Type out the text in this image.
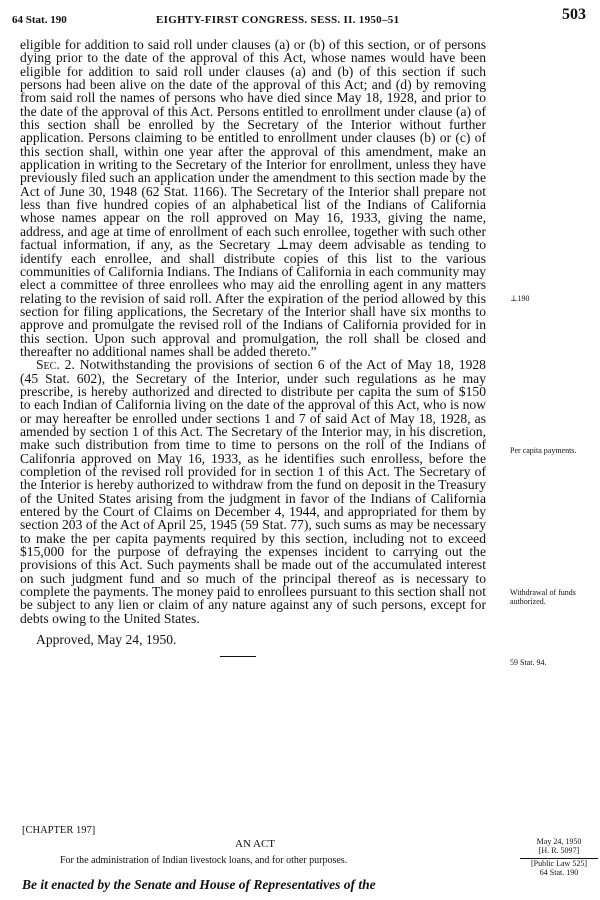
64 Stat. 190	EIGHTY-FIRST CONGRESS. SESS. II. 1950–51	503

eligible for addition to said roll under clauses (a) or (b) of this section, or of persons dying prior to the date of the approval of this Act, whose names would have been eligible for addition to said roll under clauses (a) and (b) of this section if such persons had been alive on the date of the approval of this Act; and (d) by removing from said roll the names of persons who have died since May 18, 1928, and prior to the date of the approval of this Act. Persons entitled to enrollment under clause (a) of this section shall be enrolled by the Secretary of the Interior without further application. Persons claiming to be entitled to enrollment under clauses (b) or (c) of this section shall, within one year after the approval of this amendment, make an application in writing to the Secretary of the Interior for enrollment, unless they have previously filed such an application under the amendment to this section made by the Act of June 30, 1948 (62 Stat. 1166). The Secretary of the Interior shall prepare not less than five hundred copies of an alphabetical list of the Indians of California whose names appear on the roll approved on May 16, 1933, giving the name, address, and age at time of enrollment of each such enrollee, together with such other factual information, if any, as the Secretary ⊥may deem advisable as tending to identify each enrollee, and shall distribute copies of this list to the various communities of California Indians. The Indians of California in each community may elect a committee of three enrollees who may aid the enrolling agent in any matters relating to the revision of said roll. After the expiration of the period allowed by this section for filing applications, the Secretary of the Interior shall have six months to approve and promulgate the revised roll of the Indians of California provided for in this section. Upon such approval and promulgation, the roll shall be closed and thereafter no additional names shall be added thereto.”

Sec. 2. Notwithstanding the provisions of section 6 of the Act of May 18, 1928 (45 Stat. 602), the Secretary of the Interior, under such regulations as he may prescribe, is hereby authorized and directed to distribute per capita the sum of $150 to each Indian of California living on the date of the approval of this Act, who is now or may hereafter be enrolled under sections 1 and 7 of said Act of May 18, 1928, as amended by section 1 of this Act. The Secretary of the Interior may, in his discretion, make such distribution from time to time to persons on the roll of the Indians of Califonria approved on May 16, 1933, as he identifies such enrolless, before the completion of the revised roll provided for in section 1 of this Act. The Secretary of the Interior is hereby authorized to withdraw from the fund on deposit in the Treasury of the United States arising from the judgment in favor of the Indians of California entered by the Court of Claims on December 4, 1944, and appropriated for them by section 203 of the Act of April 25, 1945 (59 Stat. 77), such sums as may be necessary to make the per capita payments required by this section, including not to exceed $15,000 for the purpose of defraying the expenses incident to carrying out the provisions of this Act. Such payments shall be made out of the accumulated interest on such judgment fund and so much of the principal thereof as is necessary to complete the payments. The money paid to enrollees pursuant to this section shall not be subject to any lien or claim of any nature against any of such persons, except for debts owing to the United States.

Approved, May 24, 1950.

⊥190
Per capita payments.
Withdrawal of funds authorized.
59 Stat. 94.
[CHAPTER 197]
AN ACT
For the administration of Indian livestock loans, and for other purposes.
Be it enacted by the Senate and House of Representatives of the
May 24, 1950
[H. R. 5097]
[Public Law 525]
64 Stat. 190
